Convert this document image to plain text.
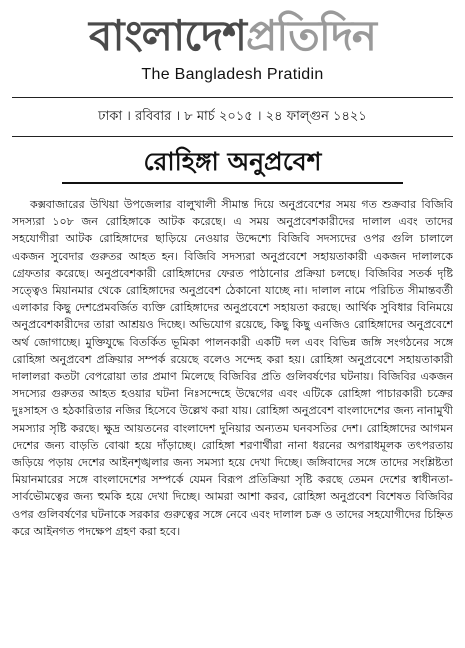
বাংলাদেশপ্রতিদিন
The Bangladesh Pratidin
ঢাকা । রবিবার । ৮ মার্চ ২০১৫ । ২৪ ফাল্গুন ১৪২১
রোহিঙ্গা অনুপ্রবেশ

কক্সবাজারের উখিয়া উপজেলার বালুখালী সীমান্ত দিয়ে অনুপ্রবেশের সময় গত শুক্রবার বিজিবি সদস্যরা ১০৮ জন রোহিঙ্গাকে আটক করেছে। এ সময় অনুপ্রবেশকারীদের দালাল এবং তাদের সহযোগীরা আটক রোহিঙ্গাদের ছাড়িয়ে নেওয়ার উদ্দেশ্যে বিজিবি সদস্যদের ওপর গুলি চালালে একজন সুবেদার গুরুতর আহত হন। বিজিবি সদস্যরা অনুপ্রবেশে সহায়তাকারী একজন দালালকে গ্রেফতার করেছে। অনুপ্রবেশকারী রোহিঙ্গাদের ফেরত পাঠানোর প্রক্রিয়া চলছে। বিজিবির সতর্ক দৃষ্টি সত্ত্বেও মিয়ানমার থেকে রোহিঙ্গাদের অনুপ্রবেশ ঠেকানো যাচ্ছে না। দালাল নামে পরিচিত সীমান্তবর্তী এলাকার কিছু দেশপ্রেমবর্জিত ব্যক্তি রোহিঙ্গাদের অনুপ্রবেশে সহায়তা করছে। আর্থিক সুবিধার বিনিময়ে অনুপ্রবেশকারীদের তারা আশ্রয়ও দিচ্ছে। অভিযোগ রয়েছে, কিছু কিছু এনজিও রোহিঙ্গাদের অনুপ্রবেশে অর্থ জোগাচ্ছে। মুক্তিযুদ্ধে বিতর্কিত ভূমিকা পালনকারী একটি দল এবং বিভিন্ন জঙ্গি সংগঠনের সঙ্গে রোহিঙ্গা অনুপ্রবেশ প্রক্রিয়ার সম্পর্ক রয়েছে বলেও সন্দেহ করা হয়। রোহিঙ্গা অনুপ্রবেশে সহায়তাকারী দালালরা কতটা বেপরোয়া তার প্রমাণ মিলেছে বিজিবির প্রতি গুলিবর্ষণের ঘটনায়। বিজিবির একজন সদস্যের গুরুতর আহত হওয়ার ঘটনা নিঃসন্দেহে উদ্বেগের এবং এটিকে রোহিঙ্গা পাচারকারী চক্রের দুঃসাহস ও হঠকারিতার নজির হিসেবে উল্লেখ করা যায়। রোহিঙ্গা অনুপ্রবেশ বাংলাদেশের জন্য নানামুখী সমস্যার সৃষ্টি করছে। ক্ষুদ্র আয়তনের বাংলাদেশ দুনিয়ার অন্যতম ঘনবসতির দেশ। রোহিঙ্গাদের আগমন দেশের জন্য বাড়তি বোঝা হয়ে দাঁড়াচ্ছে। রোহিঙ্গা শরণার্থীরা নানা ধরনের অপরাধমূলক তৎপরতায় জড়িয়ে পড়ায় দেশের আইনশৃঙ্খলার জন্য সমস্যা হয়ে দেখা দিচ্ছে। জঙ্গিবাদের সঙ্গে তাদের সংশ্লিষ্টতা মিয়ানমারের সঙ্গে বাংলাদেশের সম্পর্কে যেমন বিরূপ প্রতিক্রিয়া সৃষ্টি করছে তেমন দেশের স্বাধীনতা-সার্বভৌমত্বের জন্য হুমকি হয়ে দেখা দিচ্ছে। আমরা আশা করব, রোহিঙ্গা অনুপ্রবেশ বিশেষত বিজিবির ওপর গুলিবর্ষণের ঘটনাকে সরকার গুরুত্বের সঙ্গে নেবে এবং দালাল চক্র ও তাদের সহযোগীদের চিহ্নিত করে আইনগত পদক্ষেপ গ্রহণ করা হবে।
